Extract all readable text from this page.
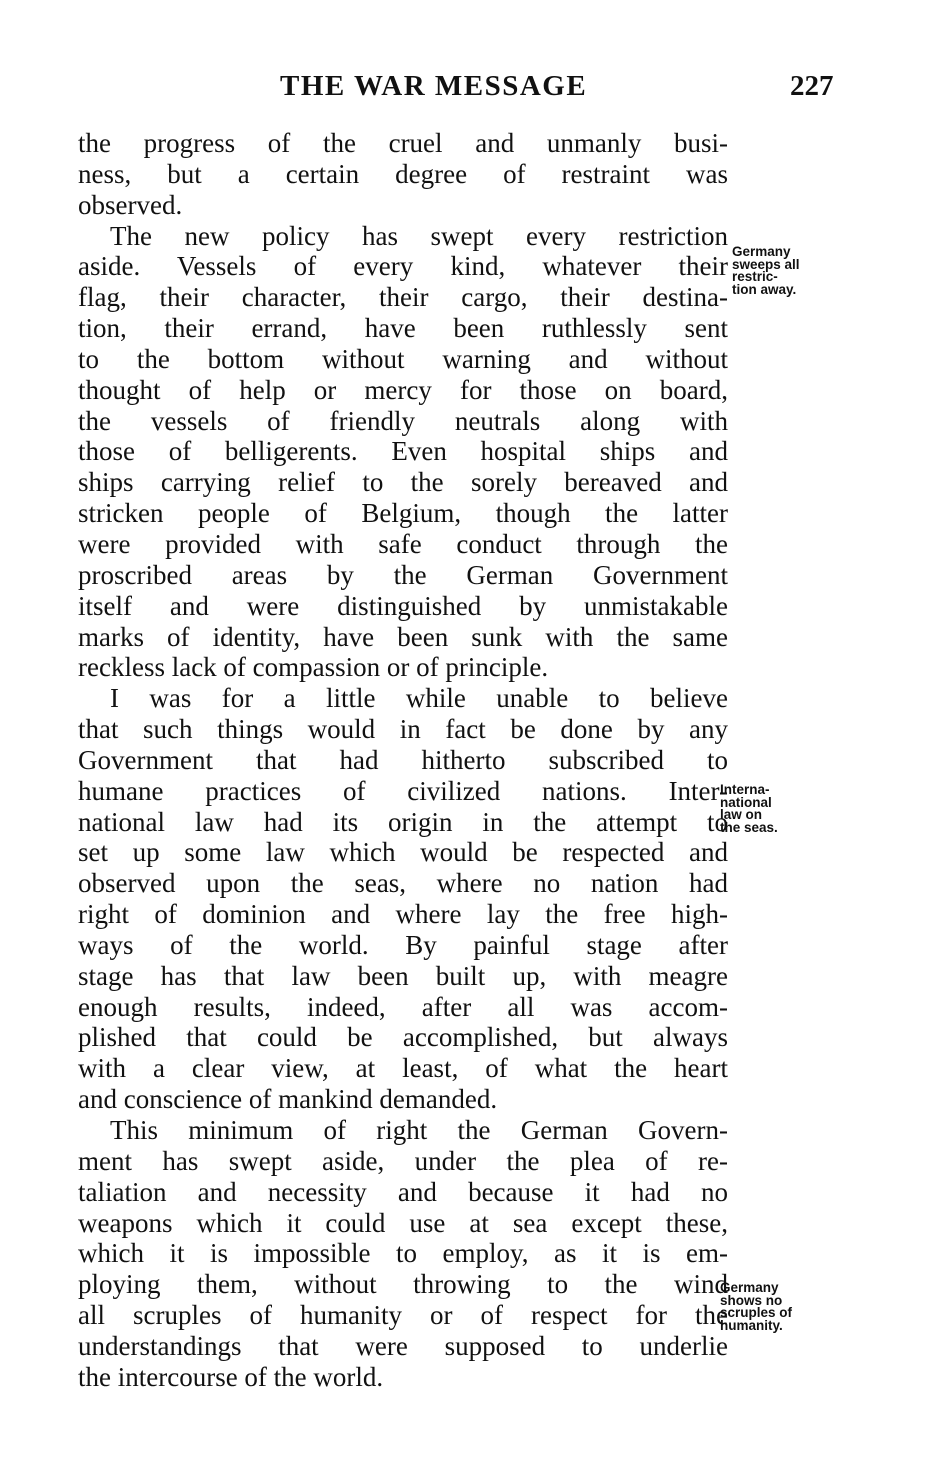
THE WAR MESSAGE	227
the progress of the cruel and unmanly busi-
ness, but a certain degree of restraint was
observed.
The new policy has swept every restriction
aside. Vessels of every kind, whatever their
flag, their character, their cargo, their destina-
tion, their errand, have been ruthlessly sent
to the bottom without warning and without
thought of help or mercy for those on board,
the vessels of friendly neutrals along with
those of belligerents. Even hospital ships and
ships carrying relief to the sorely bereaved and
stricken people of Belgium, though the latter
were provided with safe conduct through the
proscribed areas by the German Government
itself and were distinguished by unmistakable
marks of identity, have been sunk with the same
reckless lack of compassion or of principle.
I was for a little while unable to believe
that such things would in fact be done by any
Government that had hitherto subscribed to
humane practices of civilized nations. Inter-
national law had its origin in the attempt to
set up some law which would be respected and
observed upon the seas, where no nation had
right of dominion and where lay the free high-
ways of the world. By painful stage after
stage has that law been built up, with meagre
enough results, indeed, after all was accom-
plished that could be accomplished, but always
with a clear view, at least, of what the heart
and conscience of mankind demanded.
This minimum of right the German Govern-
ment has swept aside, under the plea of re-
taliation and necessity and because it had no
weapons which it could use at sea except these,
which it is impossible to employ, as it is em-
ploying them, without throwing to the wind
all scruples of humanity or of respect for the
understandings that were supposed to underlie
the intercourse of the world.
Germany
sweeps all
restric-
tion away.
Interna-
national
law on
the seas.
Germany
shows no
scruples of
humanity.
